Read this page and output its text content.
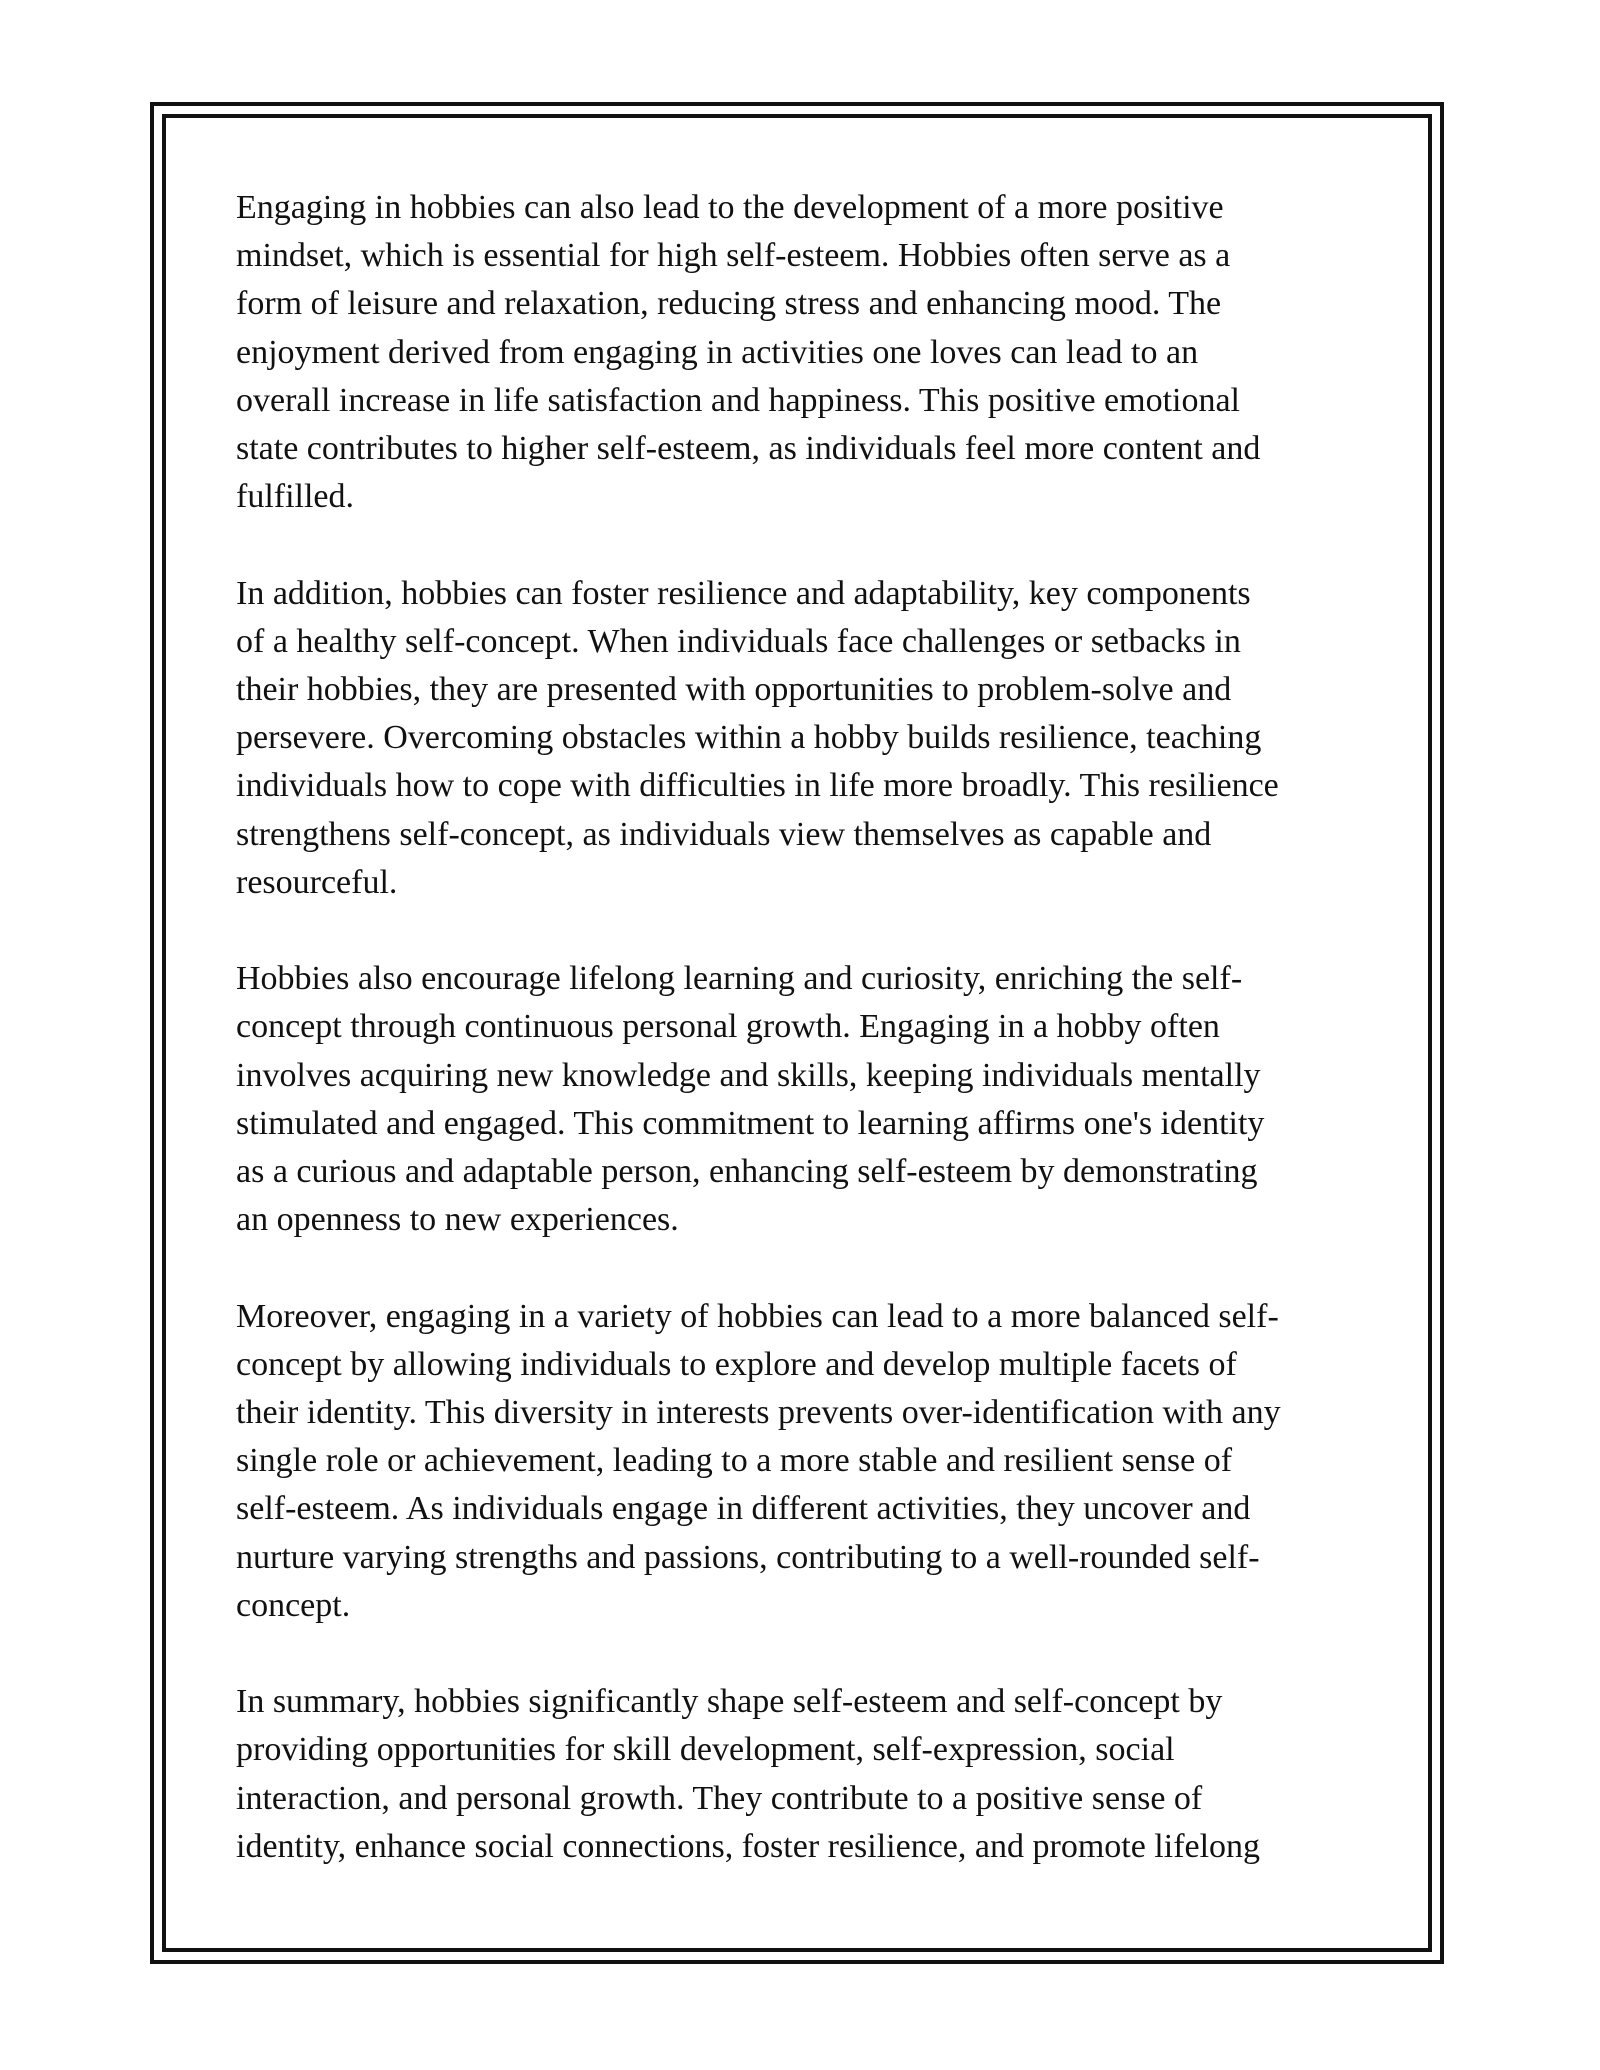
Engaging in hobbies can also lead to the development of a more positive
mindset, which is essential for high self-esteem. Hobbies often serve as a
form of leisure and relaxation, reducing stress and enhancing mood. The
enjoyment derived from engaging in activities one loves can lead to an
overall increase in life satisfaction and happiness. This positive emotional
state contributes to higher self-esteem, as individuals feel more content and
fulfilled.

In addition, hobbies can foster resilience and adaptability, key components
of a healthy self-concept. When individuals face challenges or setbacks in
their hobbies, they are presented with opportunities to problem-solve and
persevere. Overcoming obstacles within a hobby builds resilience, teaching
individuals how to cope with difficulties in life more broadly. This resilience
strengthens self-concept, as individuals view themselves as capable and
resourceful.

Hobbies also encourage lifelong learning and curiosity, enriching the self-
concept through continuous personal growth. Engaging in a hobby often
involves acquiring new knowledge and skills, keeping individuals mentally
stimulated and engaged. This commitment to learning affirms one's identity
as a curious and adaptable person, enhancing self-esteem by demonstrating
an openness to new experiences.

Moreover, engaging in a variety of hobbies can lead to a more balanced self-
concept by allowing individuals to explore and develop multiple facets of
their identity. This diversity in interests prevents over-identification with any
single role or achievement, leading to a more stable and resilient sense of
self-esteem. As individuals engage in different activities, they uncover and
nurture varying strengths and passions, contributing to a well-rounded self-
concept.

In summary, hobbies significantly shape self-esteem and self-concept by
providing opportunities for skill development, self-expression, social
interaction, and personal growth. They contribute to a positive sense of
identity, enhance social connections, foster resilience, and promote lifelong
